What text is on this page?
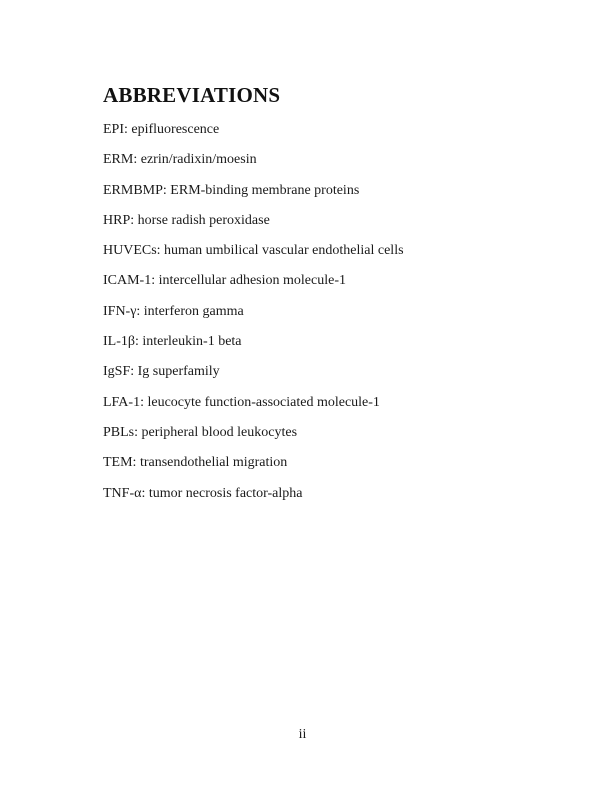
ABBREVIATIONS
EPI: epifluorescence
ERM: ezrin/radixin/moesin
ERMBMP: ERM-binding membrane proteins
HRP: horse radish peroxidase
HUVECs: human umbilical vascular endothelial cells
ICAM-1: intercellular adhesion molecule-1
IFN-γ: interferon gamma
IL-1β: interleukin-1 beta
IgSF: Ig superfamily
LFA-1: leucocyte function-associated molecule-1
PBLs: peripheral blood leukocytes
TEM: transendothelial migration
TNF-α: tumor necrosis factor-alpha
ii
